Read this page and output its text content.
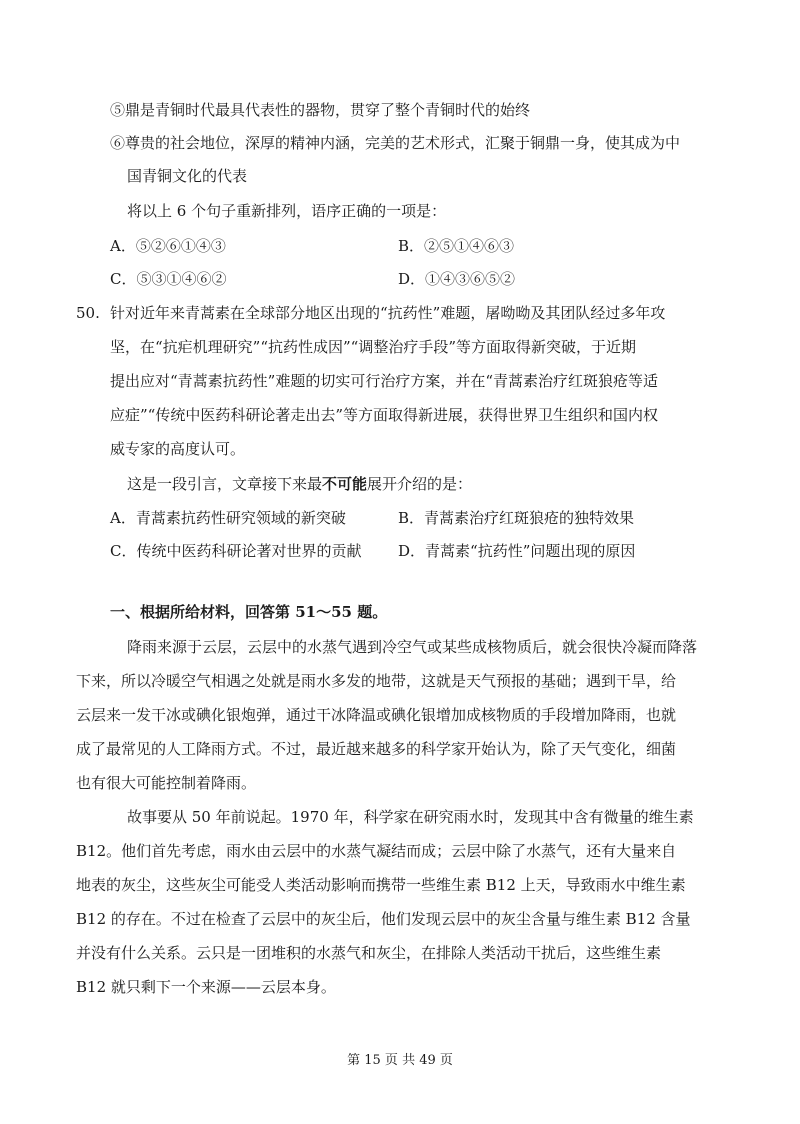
⑤鼎是青铜时代最具代表性的器物，贯穿了整个青铜时代的始终
⑥尊贵的社会地位，深厚的精神内涵，完美的艺术形式，汇聚于铜鼎一身，使其成为中
国青铜文化的代表
将以上 6 个句子重新排列，语序正确的一项是：
A．⑤②⑥①④③	B．②⑤①④⑥③
C．⑤③①④⑥②	D．①④③⑥⑤②
50. 针对近年来青蒿素在全球部分地区出现的“抗药性”难题，屠呦呦及其团队经过多年攻
坚，在“抗疟机理研究”“抗药性成因”“调整治疗手段”等方面取得新突破，于近期
提出应对“青蒿素抗药性”难题的切实可行治疗方案，并在“青蒿素治疗红斑狼疮等适
应症”“传统中医药科研论著走出去”等方面取得新进展，获得世界卫生组织和国内权
威专家的高度认可。
这是一段引言，文章接下来最不可能展开介绍的是：
A．青蒿素抗药性研究领域的新突破	B．青蒿素治疗红斑狼疮的独特效果
C．传统中医药科研论著对世界的贡献 D．青蒿素“抗药性”问题出现的原因
一、根据所给材料，回答第 51～55 题。
降雨来源于云层，云层中的水蒸气遇到冷空气或某些成核物质后，就会很快冷凝而降落
下来，所以冷暖空气相遇之处就是雨水多发的地带，这就是天气预报的基础；遇到干旱，给
云层来一发干冰或碘化银炮弹，通过干冰降温或碘化银增加成核物质的手段增加降雨，也就
成了最常见的人工降雨方式。不过，最近越来越多的科学家开始认为，除了天气变化，细菌
也有很大可能控制着降雨。
故事要从 50 年前说起。1970 年，科学家在研究雨水时，发现其中含有微量的维生素
B12。他们首先考虑，雨水由云层中的水蒸气凝结而成；云层中除了水蒸气，还有大量来自
地表的灰尘，这些灰尘可能受人类活动影响而携带一些维生素 B12 上天，导致雨水中维生素
B12 的存在。不过在检查了云层中的灰尘后，他们发现云层中的灰尘含量与维生素 B12 含量
并没有什么关系。云只是一团堆积的水蒸气和灰尘，在排除人类活动干扰后，这些维生素
B12 就只剩下一个来源——云层本身。
第 15 页 共 49 页
